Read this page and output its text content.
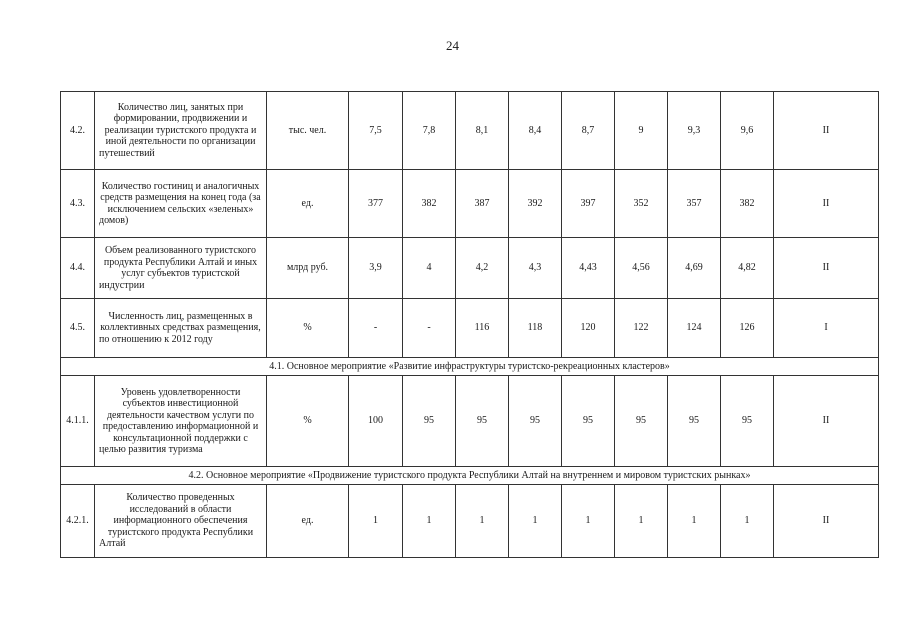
24
4.2.	Количество лиц, занятых при формировании, продвижении и реализации туристского продукта и иной деятельности по организации путешествий	тыс. чел.	7,5	7,8	8,1	8,4	8,7	9	9,3	9,6	II
4.3.	Количество гостиниц и аналогичных средств размещения на конец года (за исключением сельских «зеленых» домов)	ед.	377	382	387	392	397	352	357	382	II
4.4.	Объем реализованного туристского продукта Республики Алтай и иных услуг субъектов туристской индустрии	млрд руб.	3,9	4	4,2	4,3	4,43	4,56	4,69	4,82	II
4.5.	Численность лиц, размещенных в коллективных средствах размещения, по отношению к 2012 году	%	-	-	116	118	120	122	124	126	I
4.1. Основное мероприятие «Развитие инфраструктуры туристско-рекреационных кластеров»											
4.1.1.	Уровень удовлетворенности субъектов инвестиционной деятельности качеством услуги по предоставлению информационной и консультационной поддержки с целью развития туризма	%	100	95	95	95	95	95	95	95	II
4.2. Основное мероприятие «Продвижение туристского продукта Республики Алтай на внутреннем и мировом туристских рынках»											
4.2.1.	Количество проведенных исследований в области информационного обеспечения туристского продукта Республики Алтай	ед.	1	1	1	1	1	1	1	1	II
